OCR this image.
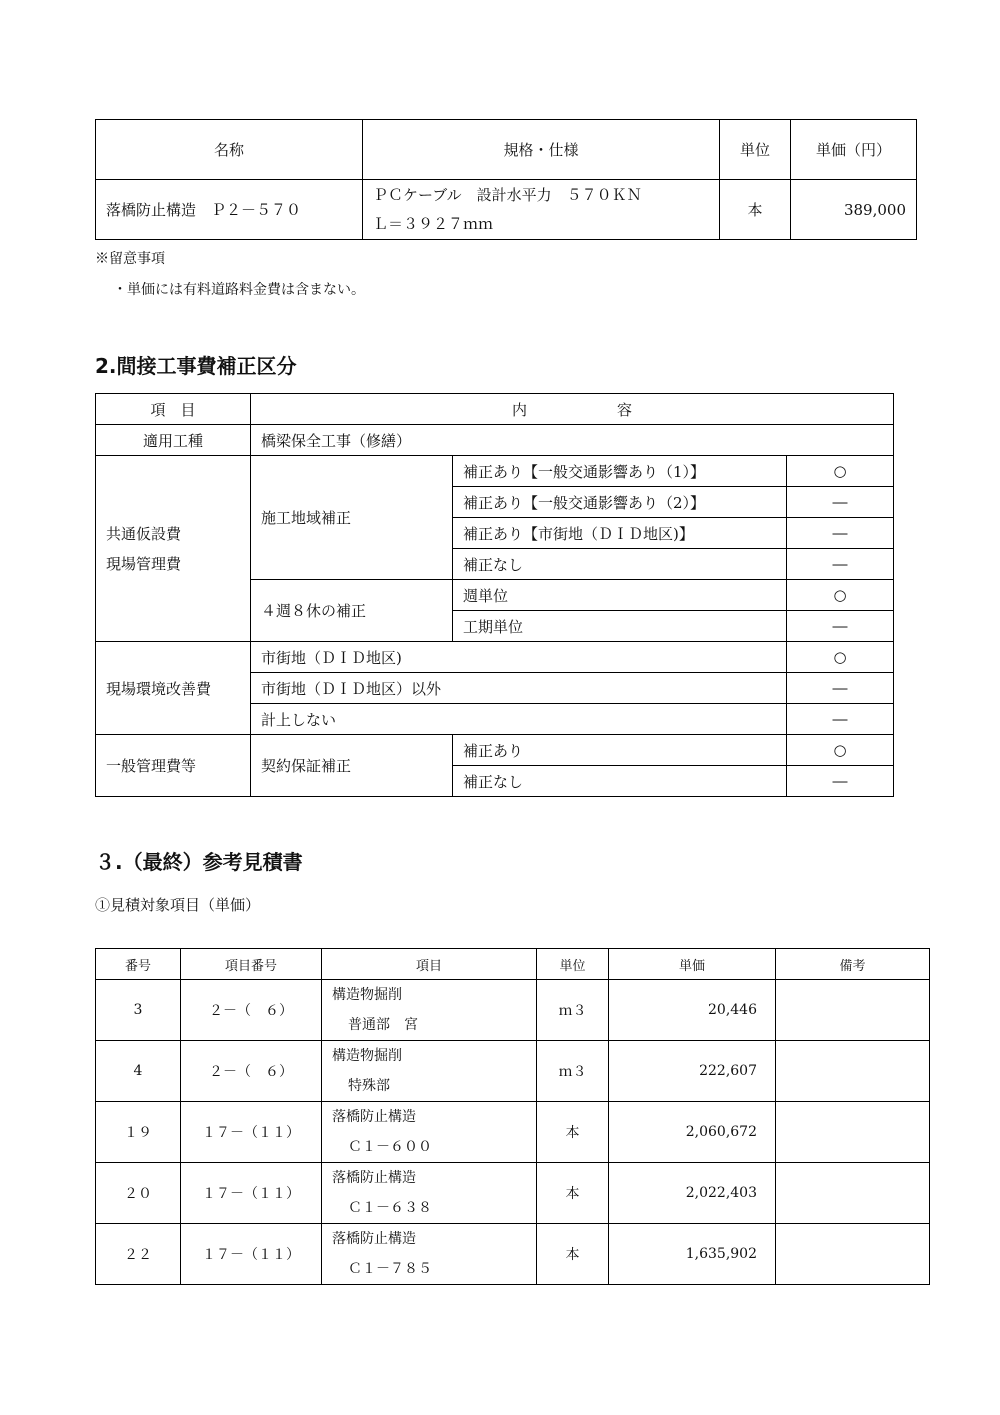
名称	規格・仕様	単位	単価（円）
落橋防止構造　Ｐ２－５７０	ＰＣケーブル　設計水平力　５７０ＫＮ
Ｌ＝３９２７ｍｍ	本	389,000
※留意事項
・単価には有料道路料金費は含まない。
2.間接工事費補正区分
項　目	内　　　　　　容		
適用工種	橋梁保全工事（修繕）		

共通仮設費
現場管理費	施工地域補正	補正あり【一般交通影響あり（1）】	○
		補正あり【一般交通影響あり（2）】	―
		補正あり【市街地（ＤＩＤ地区)】	―
		補正なし	―
	４週８休の補正	週単位	○
		工期単位	―
現場環境改善費	市街地（ＤＩＤ地区)		○
	市街地（ＤＩＤ地区）以外		―
	計上しない		―
一般管理費等	契約保証補正	補正あり	○
		補正なし	―
３.（最終）参考見積書
①見積対象項目（単価）
番号	項目番号	項目	単位	単価	備考
3	２－（　６）	構造物掘削
普通部　宮	ｍ３	20,446	
4	２－（　６）	構造物掘削
特殊部	ｍ３	222,607	
１９	１７－（１１）	落橋防止構造
Ｃ１－６００	本	2,060,672	
２０	１７－（１１）	落橋防止構造
Ｃ１－６３８	本	2,022,403	
２２	１７－（１１）	落橋防止構造
Ｃ１－７８５	本	1,635,902	
